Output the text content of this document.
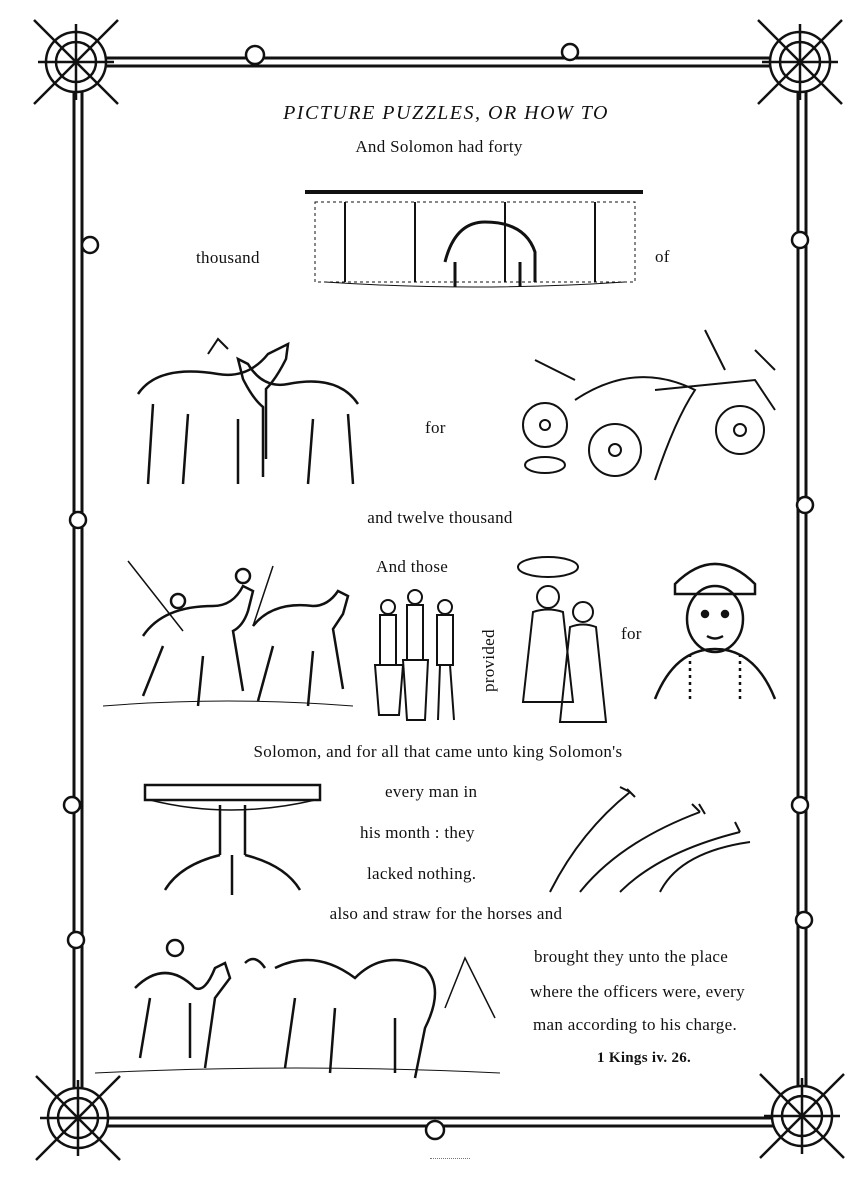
PICTURE PUZZLES, OR HOW TO
And Solomon had forty
thousand	of
for
and twelve thousand
And those
provided	for
Solomon, and for all that came unto king Solomon's
every man in
his month : they
lacked nothing.
also and straw for the horses and
brought they unto the place
where the officers were, every
man according to his charge.
1 Kings iv. 26.
